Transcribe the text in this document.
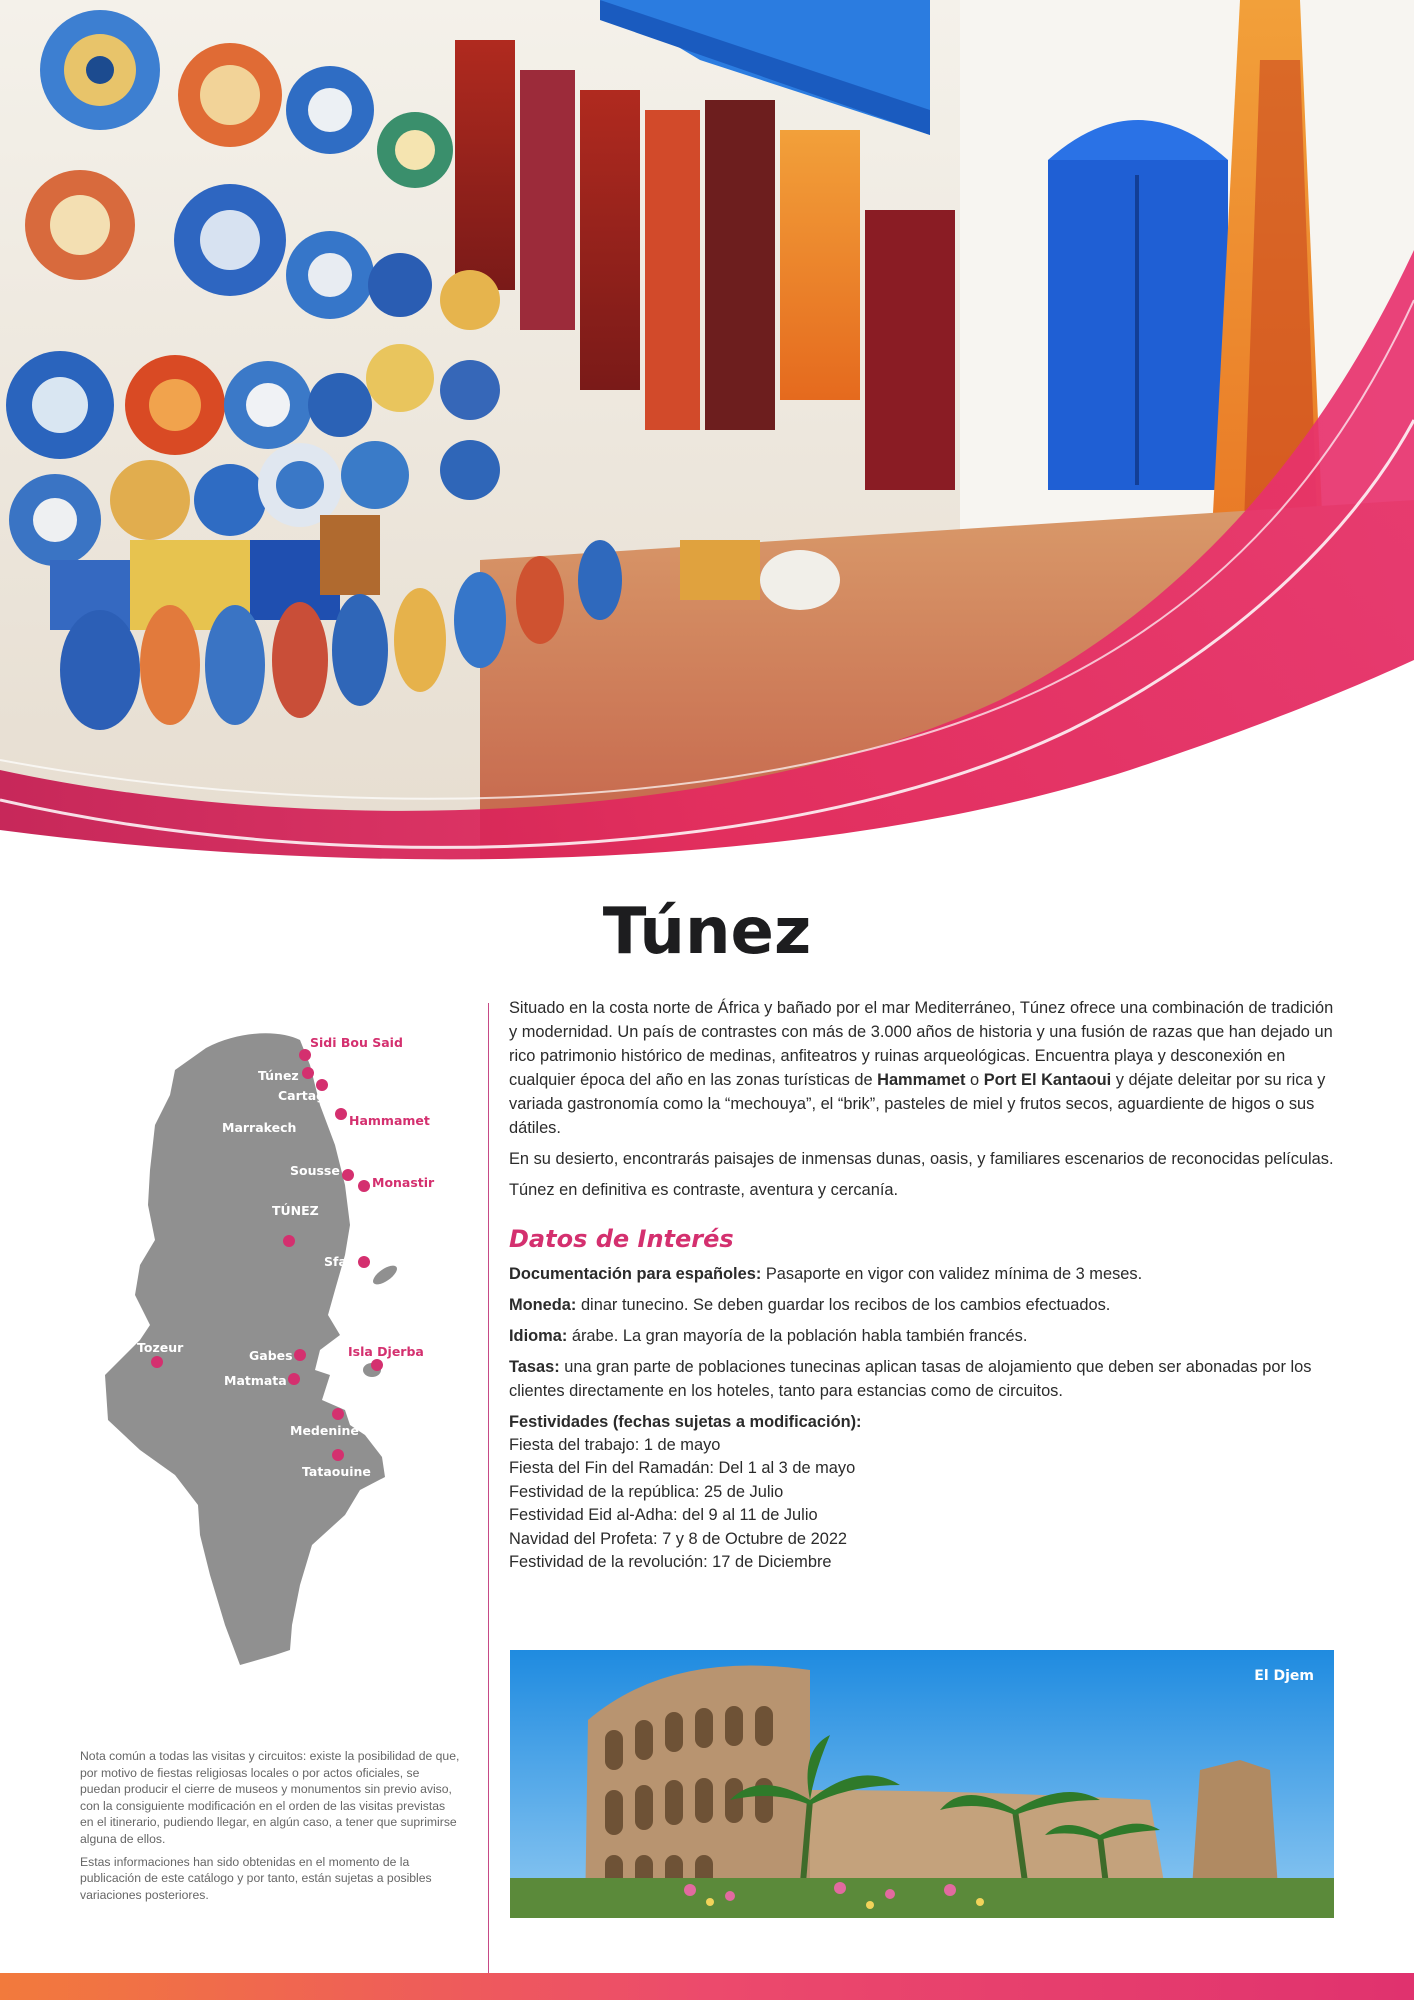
Túnez
Sidi Bou Said
Túnez
Cartago
Hammamet
Marrakech
Sousse
Monastir
TÚNEZ
Sfax
Tozeur
Gabes	Isla Djerba
Matmata
Medenine
Tataouine

Nota común a todas las visitas y circuitos: existe la posibilidad de que, por motivo de fiestas religiosas locales o por actos oficiales, se puedan producir el cierre de museos y monumentos sin previo aviso, con la consiguiente modificación en el orden de las visitas previstas en el itinerario, pudiendo llegar, en algún caso, a tener que suprimirse alguna de ellos.

Estas informaciones han sido obtenidas en el momento de la publicación de este catálogo y por tanto, están sujetas a posibles variaciones posteriores.

Situado en la costa norte de África y bañado por el mar Mediterráneo, Túnez ofrece una combinación de tradición y modernidad. Un país de contrastes con más de 3.000 años de historia y una fusión de razas que han dejado un rico patrimonio histórico de medinas, anfiteatros y ruinas arqueológicas. Encuentra playa y desconexión en cualquier época del año en las zonas turísticas de Hammamet o Port El Kantaoui y déjate deleitar por su rica y variada gastronomía como la “mechouya”, el “brik”, pasteles de miel y frutos secos, aguardiente de higos o sus dátiles.

En su desierto, encontrarás paisajes de inmensas dunas, oasis, y familiares escenarios de reconocidas películas.

Túnez en definitiva es contraste, aventura y cercanía.

Datos de Interés

Documentación para españoles: Pasaporte en vigor con validez mínima de 3 meses.

Moneda: dinar tunecino. Se deben guardar los recibos de los cambios efectuados.

Idioma: árabe. La gran mayoría de la población habla también francés.

Tasas: una gran parte de poblaciones tunecinas aplican tasas de alojamiento que deben ser abonadas por los clientes directamente en los hoteles, tanto para estancias como de circuitos.

Festividades (fechas sujetas a modificación):

Fiesta del trabajo: 1 de mayo
Fiesta del Fin del Ramadán: Del 1 al 3 de mayo
Festividad de la república: 25 de Julio
Festividad Eid al-Adha: del 9 al 11 de Julio
Navidad del Profeta: 7 y 8 de Octubre de 2022
Festividad de la revolución: 17 de Diciembre
El Djem
